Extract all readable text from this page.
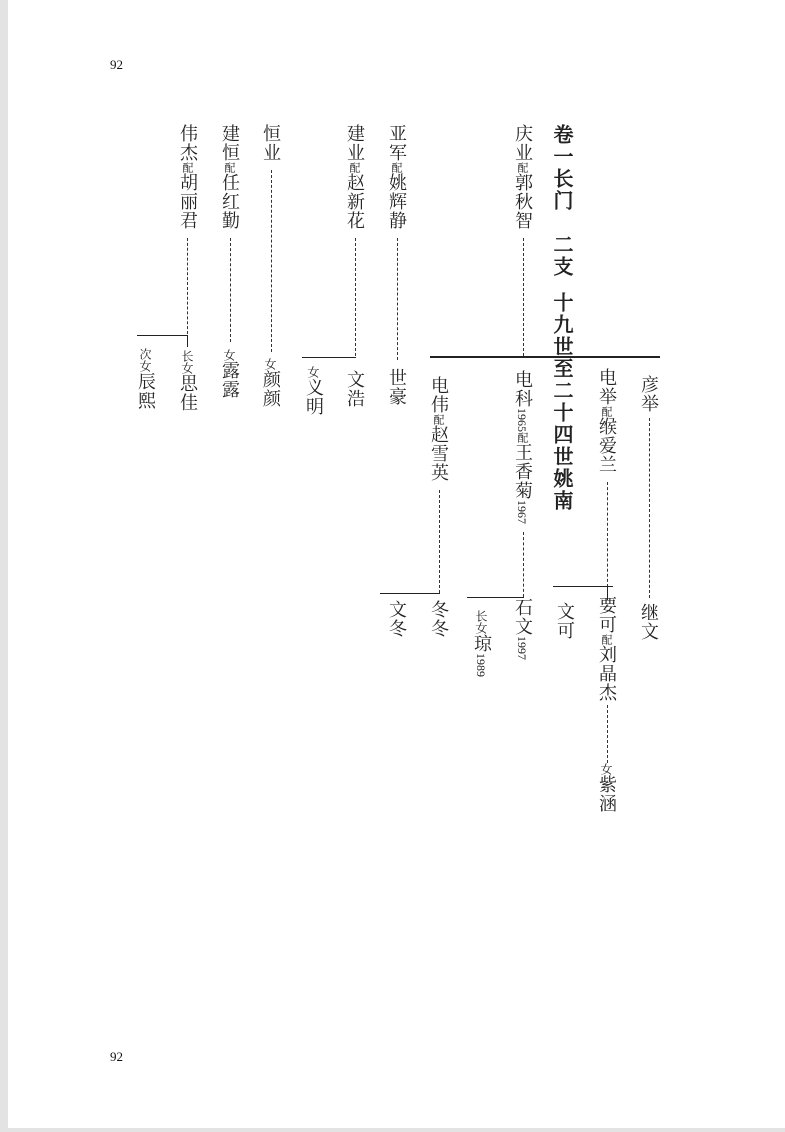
92
92
卷一长门二支十九世至二十四世姚南	彦举
继文
电举配缑爱兰
要可配刘晶杰
女紫涵
文可
庆业配郭秋智
电科1965配王香菊1967
石文1997
长女琼1989
电伟配赵雪英
冬冬
文冬
亚军配姚辉静
世豪
建业配赵新花
文浩
女义明
恒业
女颜颜
建恒配任红勤
女露露
伟杰配胡丽君
长女思佳
次女辰熙
